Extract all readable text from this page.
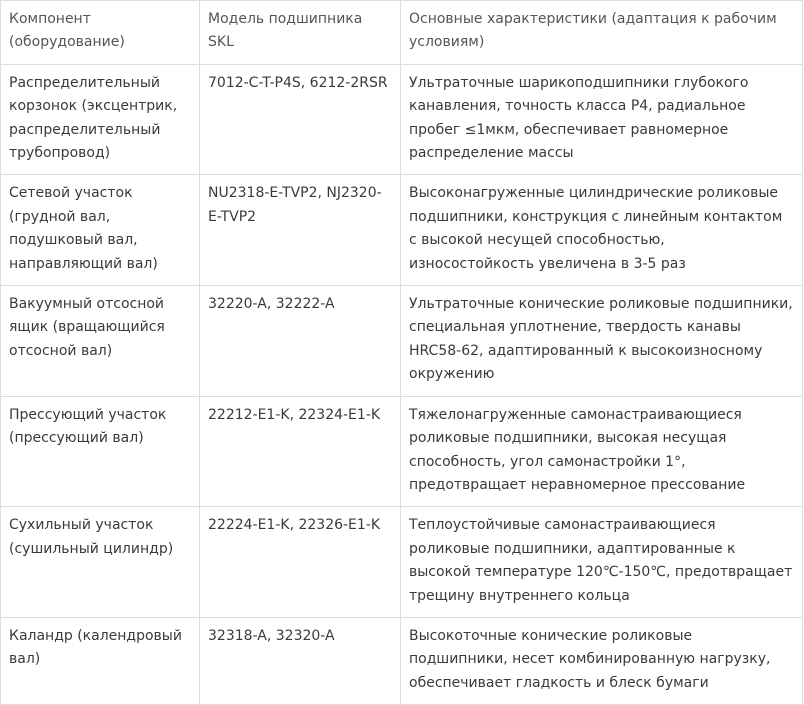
Компонент (оборудование)	Модель подшипника SKL	Основные характеристики (адаптация к рабочим условиям)
Распределительный корзонок (эксцентрик, распределительный трубопровод)	7012-C-T-P4S, 6212-2RSR	Ультраточные шарикоподшипники глубокого канавления, точность класса P4, радиальное пробег ≤1мкм, обеспечивает равномерное распределение массы
Сетевой участок (грудной вал, подушковый вал, направляющий вал)	NU2318-E-TVP2, NJ2320-E-TVP2	Высоконагруженные цилиндрические роликовые подшипники, конструкция с линейным контактом с высокой несущей способностью, износостойкость увеличена в 3-5 раз
Вакуумный отсосной ящик (вращающийся отсосной вал)	32220-A, 32222-A	Ультраточные конические роликовые подшипники, специальная уплотнение, твердость канавы HRC58-62, адаптированный к высокоизносному окружению
Прессующий участок (прессующий вал)	22212-E1-K, 22324-E1-K	Тяжелонагруженные самонастраивающиеся роликовые подшипники, высокая несущая способность, угол самонастройки 1°, предотвращает неравномерное прессование
Сухильный участок (сушильный цилиндр)	22224-E1-K, 22326-E1-K	Теплоустойчивые самонастраивающиеся роликовые подшипники, адаптированные к высокой температуре 120℃-150℃, предотвращает трещину внутреннего кольца
Каландр (календровый вал)	32318-A, 32320-A	Высокоточные конические роликовые подшипники, несет комбинированную нагрузку, обеспечивает гладкость и блеск бумаги
